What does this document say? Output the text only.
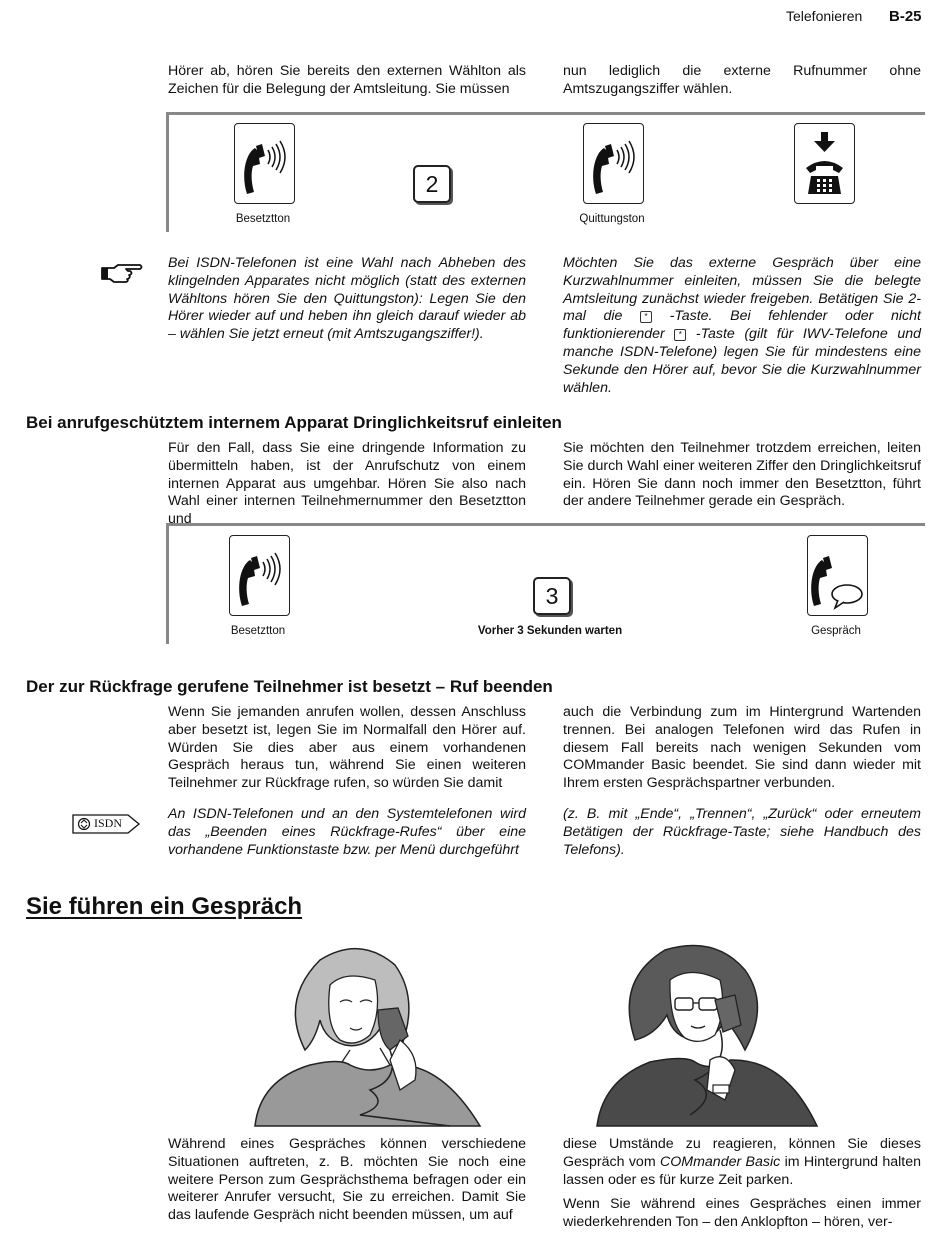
Telefonieren B-25
Hörer ab, hören Sie bereits den externen Wählton als Zeichen für die Belegung der Amtsleitung. Sie müssen
nun lediglich die externe Rufnummer ohne Amtszugangsziffer wählen.
Besetztton
2
Quittungston
Bei ISDN-Telefonen ist eine Wahl nach Abheben des klingelnden Apparates nicht möglich (statt des externen Wähltons hören Sie den Quittungston): Legen Sie den Hörer wieder auf und heben ihn gleich darauf wieder ab – wählen Sie jetzt erneut (mit Amtszugangsziffer!).
Möchten Sie das externe Gespräch über eine Kurzwahlnummer einleiten, müssen Sie die belegte Amtsleitung zunächst wieder freigeben. Betätigen Sie 2-mal die	* -Taste. Bei fehlender oder nicht funktionierender * -Taste (gilt für IWV-Telefone und manche ISDN-Telefone) legen Sie für mindestens eine Sekunde den Hörer auf, bevor Sie die Kurzwahlnummer wählen.
Bei anrufgeschütztem internem Apparat Dringlichkeitsruf einleiten
Für den Fall, dass Sie eine dringende Information zu übermitteln haben, ist der Anrufschutz von einem internen Apparat aus umgehbar. Hören Sie also nach Wahl einer internen Teilnehmernummer den Besetztton und
Sie möchten den Teilnehmer trotzdem erreichen, leiten Sie durch Wahl einer weiteren Ziffer den Dringlichkeitsruf ein. Hören Sie dann noch immer den Besetztton, führt der andere Teilnehmer gerade ein Gespräch.
Besetztton
3
Vorher 3 Sekunden warten	Gespräch
Der zur Rückfrage gerufene Teilnehmer ist besetzt – Ruf beenden
Wenn Sie jemanden anrufen wollen, dessen Anschluss aber besetzt ist, legen Sie im Normalfall den Hörer auf. Würden Sie dies aber aus einem vorhandenen Gespräch heraus tun, während Sie einen weiteren Teilnehmer zur Rückfrage rufen, so würden Sie damit
auch die Verbindung zum im Hintergrund Wartenden trennen. Bei analogen Telefonen wird das Rufen in diesem Fall bereits nach wenigen Sekunden vom COMmander Basic beendet. Sie sind dann wieder mit Ihrem ersten Gesprächspartner verbunden.
ISDN
An ISDN-Telefonen und an den Systemtelefonen wird das „Beenden eines Rückfrage-Rufes“ über eine vorhandene Funktionstaste bzw. per Menü durchgeführt
(z. B. mit „Ende“, „Trennen“, „Zurück“ oder erneutem Betätigen der Rückfrage-Taste; siehe Handbuch des Telefons).
Sie führen ein Gespräch
Während eines Gespräches können verschiedene Situationen auftreten, z. B. möchten Sie noch eine weitere Person zum Gesprächsthema befragen oder ein weiterer Anrufer versucht, Sie zu erreichen. Damit Sie das laufende Gespräch nicht beenden müssen, um auf
diese Umstände zu reagieren, können Sie dieses Gespräch vom COMmander Basic im Hintergrund halten lassen oder es für kurze Zeit parken.
Wenn Sie während eines Gespräches einen immer wiederkehrenden Ton – den Anklopfton – hören, ver-
